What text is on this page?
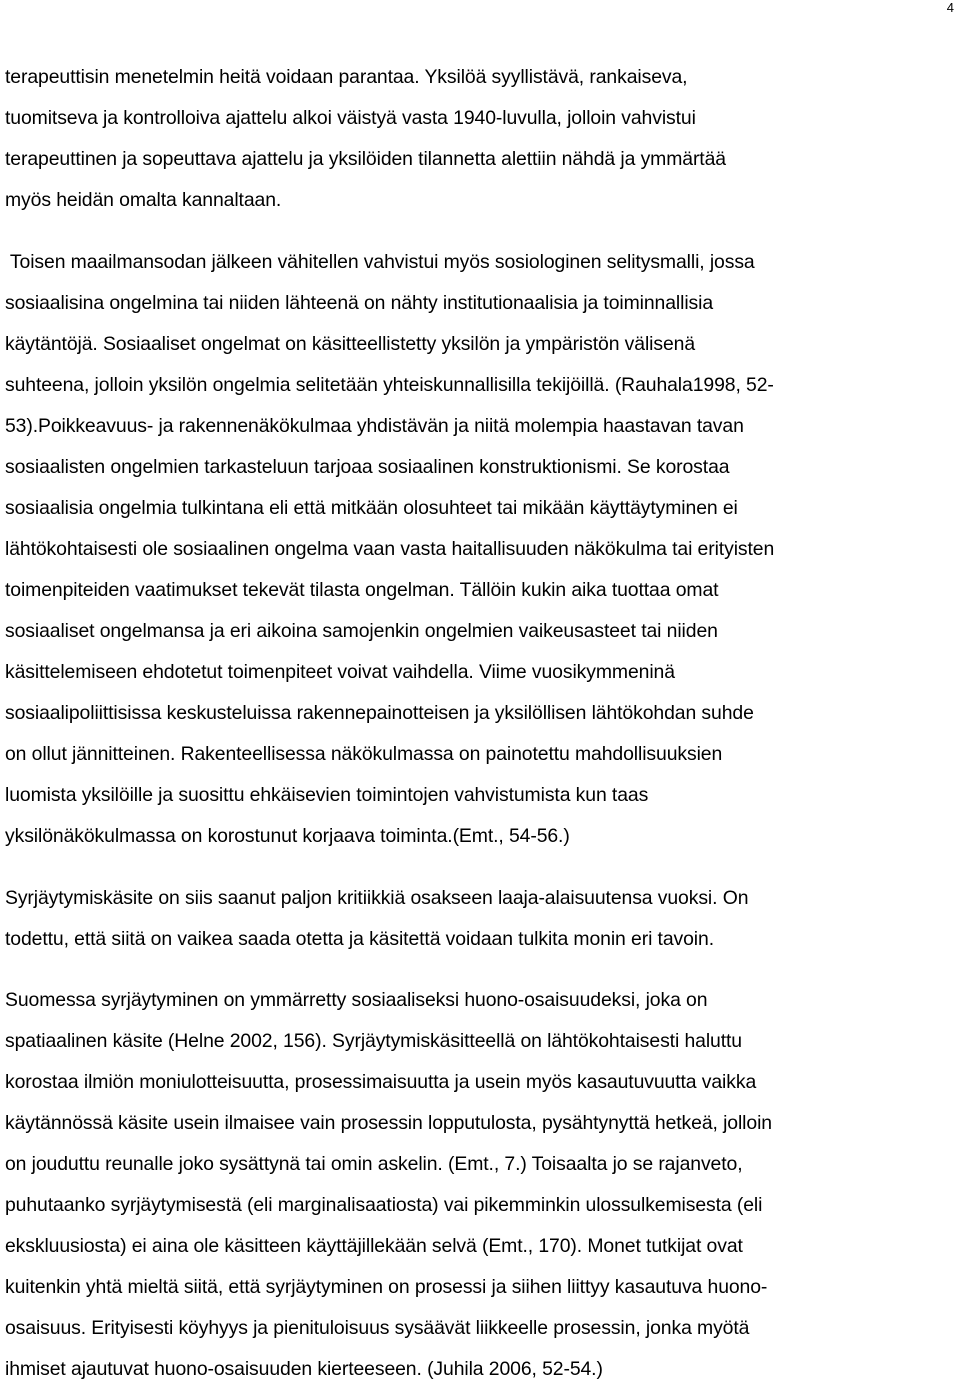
4
terapeuttisin menetelmin heitä voidaan parantaa. Yksilöä syyllistävä, rankaiseva,
tuomitseva ja kontrolloiva ajattelu alkoi väistyä vasta 1940-luvulla, jolloin vahvistui
terapeuttinen ja sopeuttava ajattelu ja yksilöiden tilannetta alettiin nähdä ja ymmärtää
myös heidän omalta kannaltaan.
Toisen maailmansodan jälkeen vähitellen vahvistui myös sosiologinen selitysmalli, jossa
sosiaalisina ongelmina tai niiden lähteenä on nähty institutionaalisia ja toiminnallisia
käytäntöjä. Sosiaaliset ongelmat on käsitteellistetty yksilön ja ympäristön välisenä
suhteena, jolloin yksilön ongelmia selitetään yhteiskunnallisilla tekijöillä. (Rauhala1998, 52-
53).Poikkeavuus- ja rakennenäkökulmaa yhdistävän ja niitä molempia haastavan tavan
sosiaalisten ongelmien tarkasteluun tarjoaa sosiaalinen konstruktionismi. Se korostaa
sosiaalisia ongelmia tulkintana eli että mitkään olosuhteet tai mikään käyttäytyminen ei
lähtökohtaisesti ole sosiaalinen ongelma vaan vasta haitallisuuden näkökulma tai erityisten
toimenpiteiden vaatimukset tekevät tilasta ongelman. Tällöin kukin aika tuottaa omat
sosiaaliset ongelmansa ja eri aikoina samojenkin ongelmien vaikeusasteet tai niiden
käsittelemiseen ehdotetut toimenpiteet voivat vaihdella. Viime vuosikymmeninä
sosiaalipoliittisissa keskusteluissa rakennepainotteisen ja yksilöllisen lähtökohdan suhde
on ollut jännitteinen. Rakenteellisessa näkökulmassa on painotettu mahdollisuuksien
luomista yksilöille ja suosittu ehkäisevien toimintojen vahvistumista kun taas
yksilönäkökulmassa on korostunut korjaava toiminta.(Emt., 54-56.)
Syrjäytymiskäsite on siis saanut paljon kritiikkiä osakseen laaja-alaisuutensa vuoksi. On
todettu, että siitä on vaikea saada otetta ja käsitettä voidaan tulkita monin eri tavoin.
Suomessa syrjäytyminen on ymmärretty sosiaaliseksi huono-osaisuudeksi, joka on
spatiaalinen käsite (Helne 2002, 156). Syrjäytymiskäsitteellä on lähtökohtaisesti haluttu
korostaa ilmiön moniulotteisuutta, prosessimaisuutta ja usein myös kasautuvuutta vaikka
käytännössä käsite usein ilmaisee vain prosessin lopputulosta, pysähtynyttä hetkeä, jolloin
on jouduttu reunalle joko sysättynä tai omin askelin. (Emt., 7.) Toisaalta jo se rajanveto,
puhutaanko syrjäytymisestä (eli marginalisaatiosta) vai pikemminkin ulossulkemisesta (eli
ekskluusiosta) ei aina ole käsitteen käyttäjillekään selvä (Emt., 170). Monet tutkijat ovat
kuitenkin yhtä mieltä siitä, että syrjäytyminen on prosessi ja siihen liittyy kasautuva huono-
osaisuus. Erityisesti köyhyys ja pienituloisuus sysäävät liikkeelle prosessin, jonka myötä
ihmiset ajautuvat huono-osaisuuden kierteeseen. (Juhila 2006, 52-54.)
